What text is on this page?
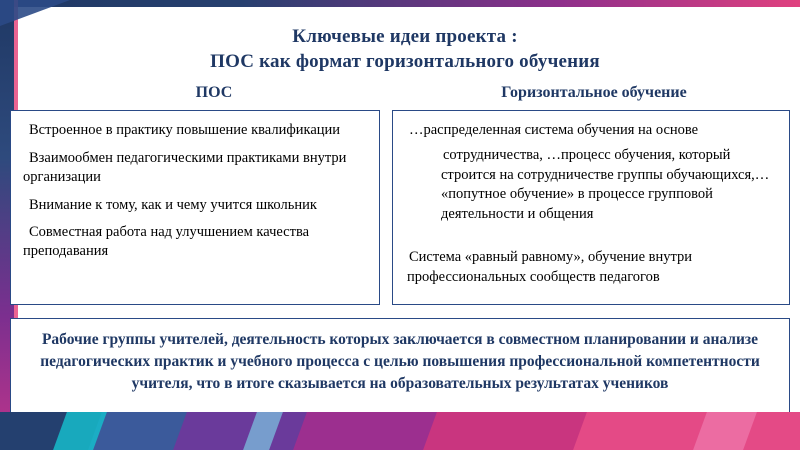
Ключевые идеи проекта :
ПОС как формат горизонтального обучения
ПОС	Горизонтальное обучение

Встроенное в практику повышение квалификации

Взаимообмен педагогическими практиками внутри организации

Внимание к тому, как и чему учится школьник

Совместная работа над улучшением качества преподавания

…распределенная система обучения на основе

сотрудничества, …процесс обучения, который строится на сотрудничестве группы обучающихся,… «попутное обучение» в процессе групповой деятельности и общения

Система «равный равному», обучение внутри профессиональных сообществ педагогов

Рабочие группы учителей, деятельность которых заключается в совместном планировании и анализе педагогических практик и учебного процесса с целью повышения профессиональной компетентности учителя, что в итоге сказывается на образовательных результатах учеников
